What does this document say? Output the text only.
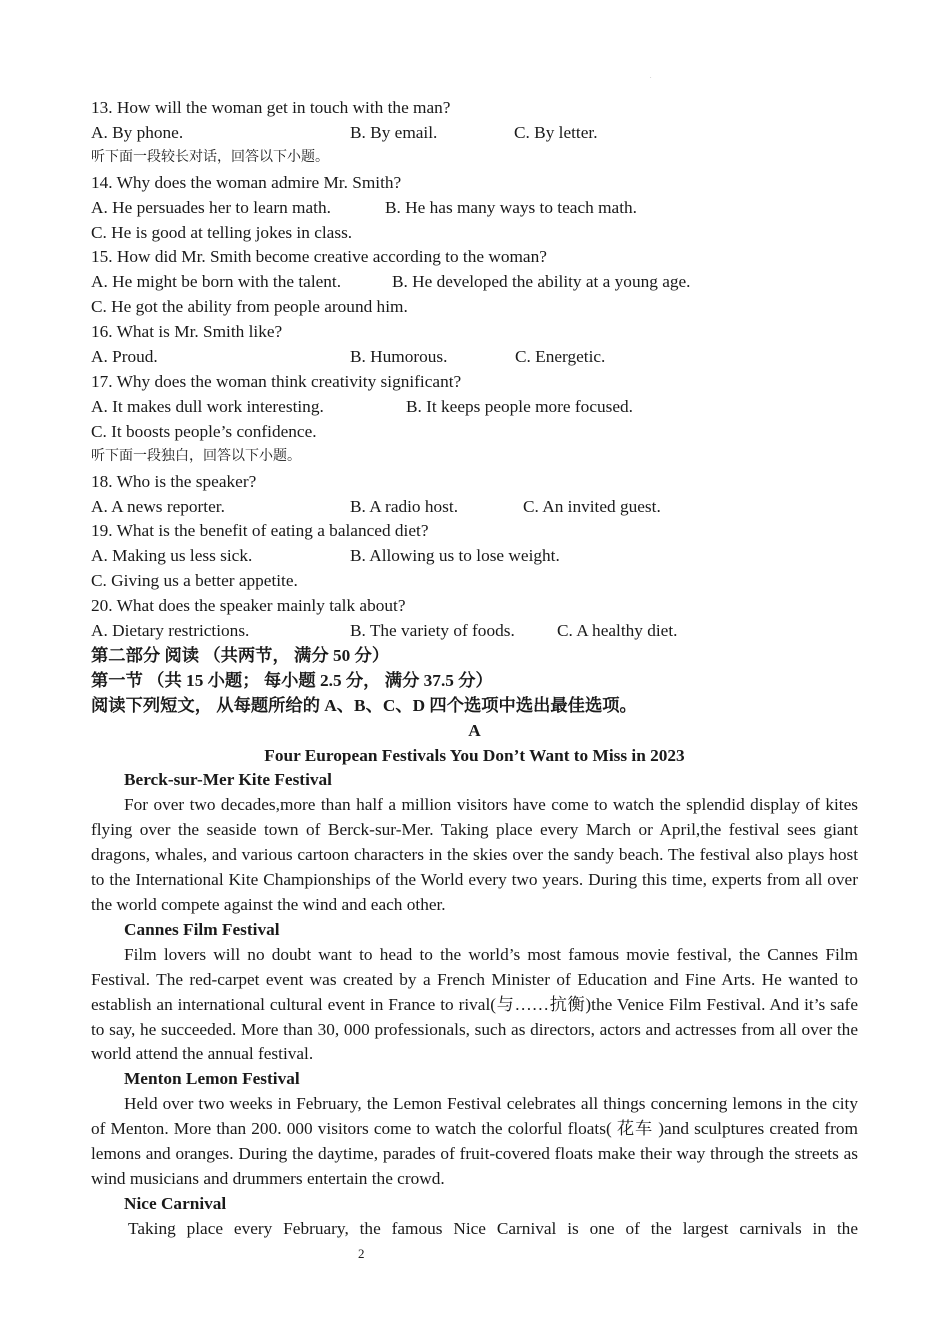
.
13. How will the woman get in touch with the man?
A. By phone.	B. By email.	C. By letter.
听下面一段较长对话，回答以下小题。
14. Why does the woman admire Mr. Smith?
A. He persuades her to learn math.	B. He has many ways to teach math.
C. He is good at telling jokes in class.
15. How did Mr. Smith become creative according to the woman?
A. He might be born with the talent.	B. He developed the ability at a young age.
C. He got the ability from people around him.
16. What is Mr. Smith like?
A. Proud.	B. Humorous.	C. Energetic.
17. Why does the woman think creativity significant?
A. It makes dull work interesting.	B. It keeps people more focused.
C. It boosts people’s confidence.
听下面一段独白，回答以下小题。
18. Who is the speaker?
A. A news reporter.	B. A radio host.	C. An invited guest.
19. What is the benefit of eating a balanced diet?
A. Making us less sick.	B. Allowing us to lose weight.
C. Giving us a better appetite.
20. What does the speaker mainly talk about?
A. Dietary restrictions.	B. The variety of foods.	C. A healthy diet.
第二部分 阅读 （共两节， 满分 50 分）
第一节 （共 15 小题； 每小题 2.5 分， 满分 37.5 分）
阅读下列短文， 从每题所给的 A、B、C、D 四个选项中选出最佳选项。
A
Four European Festivals You Don’t Want to Miss in 2023
Berck-sur-Mer Kite Festival
For over two decades,more than half a million visitors have come to watch the splendid display of kites flying over the seaside town of Berck-sur-Mer. Taking place every March or April,the festival sees giant dragons, whales, and various cartoon characters in the skies over the sandy beach. The festival also plays host to the International Kite Championships of the World every two years. During this time, experts from all over the world compete against the wind and each other.
Cannes Film Festival
Film lovers will no doubt want to head to the world’s most famous movie festival, the Cannes Film Festival. The red-carpet event was created by a French Minister of Education and Fine Arts. He wanted to establish an international cultural event in France to rival(与……抗衡)the Venice Film Festival. And it’s safe to say, he succeeded. More than 30, 000 professionals, such as directors, actors and actresses from all over the world attend the annual festival.
Menton Lemon Festival
Held over two weeks in February, the Lemon Festival celebrates all things concerning lemons in the city of Menton. More than 200. 000 visitors come to watch the colorful floats( 花车 )and sculptures created from lemons and oranges. During the daytime, parades of fruit-covered floats make their way through the streets as wind musicians and drummers entertain the crowd.
Nice Carnival
Taking place every February, the famous Nice Carnival is one of the largest carnivals in the
2
